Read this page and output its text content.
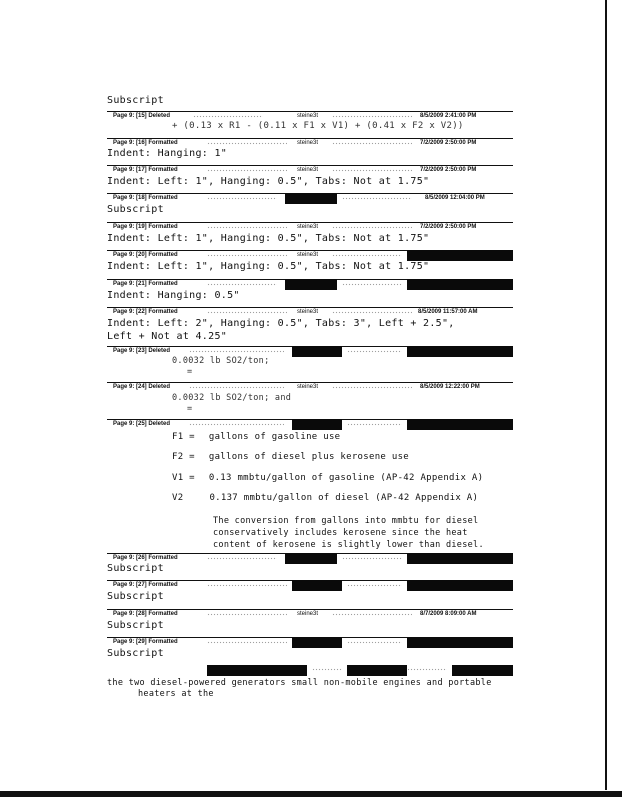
Subscript
Page 9: [15] Deleted	steine3t	8/5/2009 2:41:00 PM
+ (0.13 x R1 - (0.11 x F1 x V1) + (0.41 x F2 x V2))
Page 9: [16] Formatted	steine3t	7/2/2009 2:50:00 PM
Indent: Hanging: 1"
Page 9: [17] Formatted	steine3t	7/2/2009 2:50:00 PM
Indent: Left: 1", Hanging: 0.5", Tabs: Not at 1.75"
Page 9: [18] Formatted	8/5/2009 12:04:00 PM
Subscript
Page 9: [19] Formatted	steine3t	7/2/2009 2:50:00 PM
Indent: Left: 1", Hanging: 0.5", Tabs: Not at 1.75"
Page 9: [20] Formatted	steine3t
Indent: Left: 1", Hanging: 0.5", Tabs: Not at 1.75"
Page 9: [21] Formatted
Indent: Hanging: 0.5"
Page 9: [22] Formatted	steine3t	8/5/2009 11:57:00 AM
Indent: Left: 2", Hanging: 0.5", Tabs: 3", Left + 2.5",
Left + Not at 4.25"
Page 9: [23] Deleted
0.0032 lb SO2/ton;
=
Page 9: [24] Deleted	steine3t	8/5/2009 12:22:00 PM
0.0032 lb SO2/ton; and
=
Page 9: [25] Deleted
F1 = gallons of gasoline use
F2 = gallons of diesel plus kerosene use
V1 = 0.13 mmbtu/gallon of gasoline (AP-42 Appendix A)
V2	0.137 mmbtu/gallon of diesel (AP-42 Appendix A)
The conversion from gallons into mmbtu for diesel
conservatively includes kerosene since the heat
content of kerosene is slightly lower than diesel.
Page 9: [26] Formatted
Subscript
Page 9: [27] Formatted
Subscript
Page 9: [28] Formatted	steine3t	8/7/2009 8:09:00 AM
Subscript
Page 9: [29] Formatted
Subscript
the two diesel-powered generators small non-mobile engines and portable
heaters at the
